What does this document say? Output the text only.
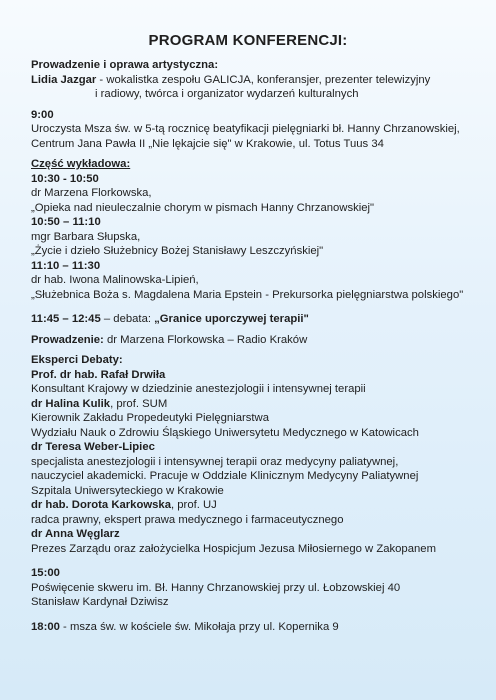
PROGRAM KONFERENCJI:
Prowadzenie i oprawa artystyczna:
Lidia Jazgar - wokalistka zespołu GALICJA, konferansjer, prezenter telewizyjny
i radiowy, twórca i organizator wydarzeń kulturalnych
9:00
Uroczysta Msza św. w 5-tą rocznicę beatyfikacji pielęgniarki bł. Hanny Chrzanowskiej,
Centrum Jana Pawła II „Nie lękajcie się" w Krakowie, ul. Totus Tuus 34
Część wykładowa:
10:30 - 10:50
dr Marzena Florkowska,
„Opieka nad nieuleczalnie chorym w pismach Hanny Chrzanowskiej"
10:50 – 11:10
mgr Barbara Słupska,
„Życie i dzieło Służebnicy Bożej Stanisławy Leszczyńskiej"
11:10 – 11:30
dr hab. Iwona Malinowska-Lipień,
„Służebnica Boża s. Magdalena Maria Epstein - Prekursorka pielęgniarstwa polskiego"
11:45 – 12:45 – debata: „Granice uporczywej terapii"
Prowadzenie: dr Marzena Florkowska – Radio Kraków
Eksperci Debaty:
Prof. dr hab. Rafał Drwiła
Konsultant Krajowy w dziedzinie anestezjologii i intensywnej terapii
dr Halina Kulik, prof. SUM
Kierownik Zakładu Propedeutyki Pielęgniarstwa
Wydziału Nauk o Zdrowiu Śląskiego Uniwersytetu Medycznego w Katowicach
dr Teresa Weber-Lipiec
specjalista anestezjologii i intensywnej terapii oraz medycyny paliatywnej,
nauczyciel akademicki. Pracuje w Oddziale Klinicznym Medycyny Paliatywnej
Szpitala Uniwersyteckiego w Krakowie
dr hab. Dorota Karkowska, prof. UJ
radca prawny, ekspert prawa medycznego i farmaceutycznego
dr Anna Węglarz
Prezes Zarządu oraz założycielka Hospicjum Jezusa Miłosiernego w Zakopanem
15:00
Poświęcenie skweru im. Bł. Hanny Chrzanowskiej przy ul. Łobzowskiej 40
Stanisław Kardynał Dziwisz
18:00 - msza św. w kościele św. Mikołaja przy ul. Kopernika 9
